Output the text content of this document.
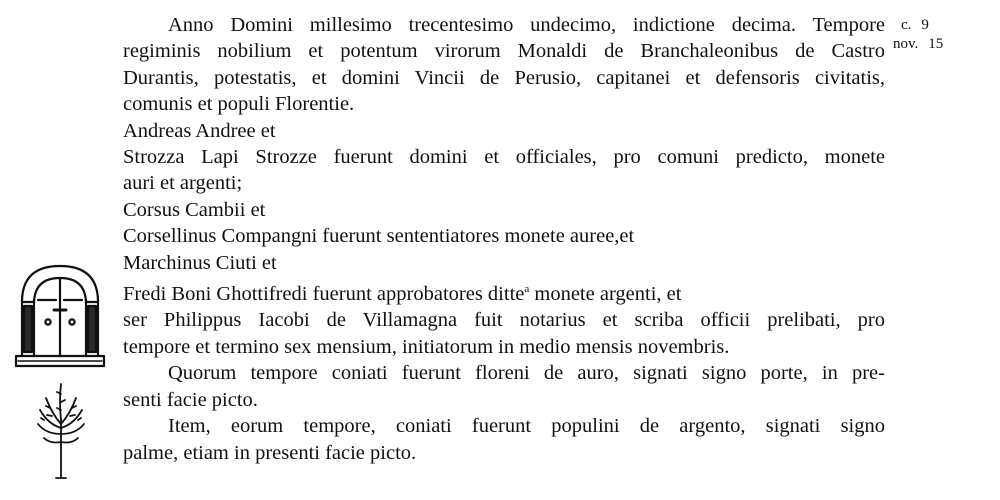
Anno Domini millesimo trecentesimo undecimo, indictione decima. Tempore
regiminis nobilium et potentum virorum Monaldi de Branchaleonibus de Castro
Durantis, potestatis, et domini Vincii de Perusio, capitanei et defensoris civitatis,
comunis et populi Florentie.
Andreas Andree et
Strozza Lapi Strozze fuerunt domini et officiales, pro comuni predicto, monete
auri et argenti;
Corsus Cambii et
Corsellinus Compangni fuerunt sententiatores monete auree,et
Marchinus Ciuti et
Fredi Boni Ghottifredi fuerunt approbatores ditte$^a$ monete argenti, et
ser Philippus Iacobi de Villamagna fuit notarius et scriba officii prelibati, pro
tempore et termino sex mensium, initiatorum in medio mensis novembris.
Quorum tempore coniati fuerunt floreni de auro, signati signo porte, in pre-
senti facie picto.
Item, eorum tempore, coniati fuerunt populini de argento, signati signo
palme, etiam in presenti facie picto.
c. 9
nov. 15
